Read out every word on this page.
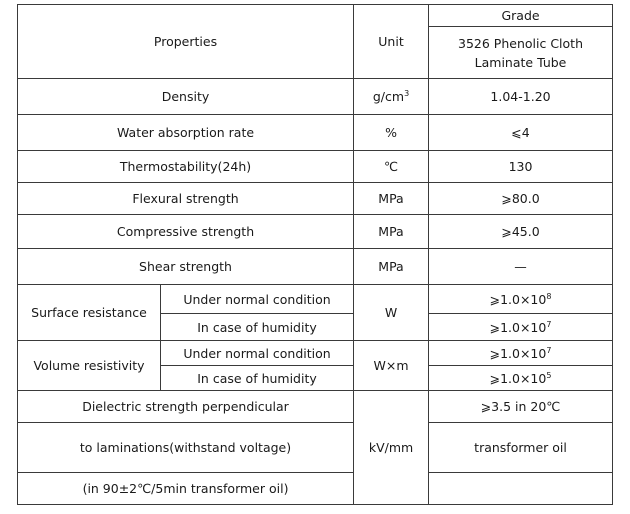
Properties		Unit	Grade
			3526 Phenolic Cloth Laminate Tube
Density		$g/cm^3$	1.04-1.20
Water absorption rate		%	⩽4
Thermostability(24h)		℃	130
Flexural strength		MPa	⩾80.0
Compressive strength		MPa	⩾45.0
Shear strength		MPa	—
Surface resistance	Under normal condition	W	$⩾1.0\times 10^8$
	In case of humidity		$⩾1.0\times 10^7$
Volume resistivity	Under normal condition	W×m	$⩾1.0\times 10^7$
	In case of humidity		$⩾1.0\times 10^5$
Dielectric strength perpendicular		kV/mm	⩾3.5 in 20℃
to laminations(withstand voltage)			transformer oil
(in 90±2℃/5min transformer oil)			
